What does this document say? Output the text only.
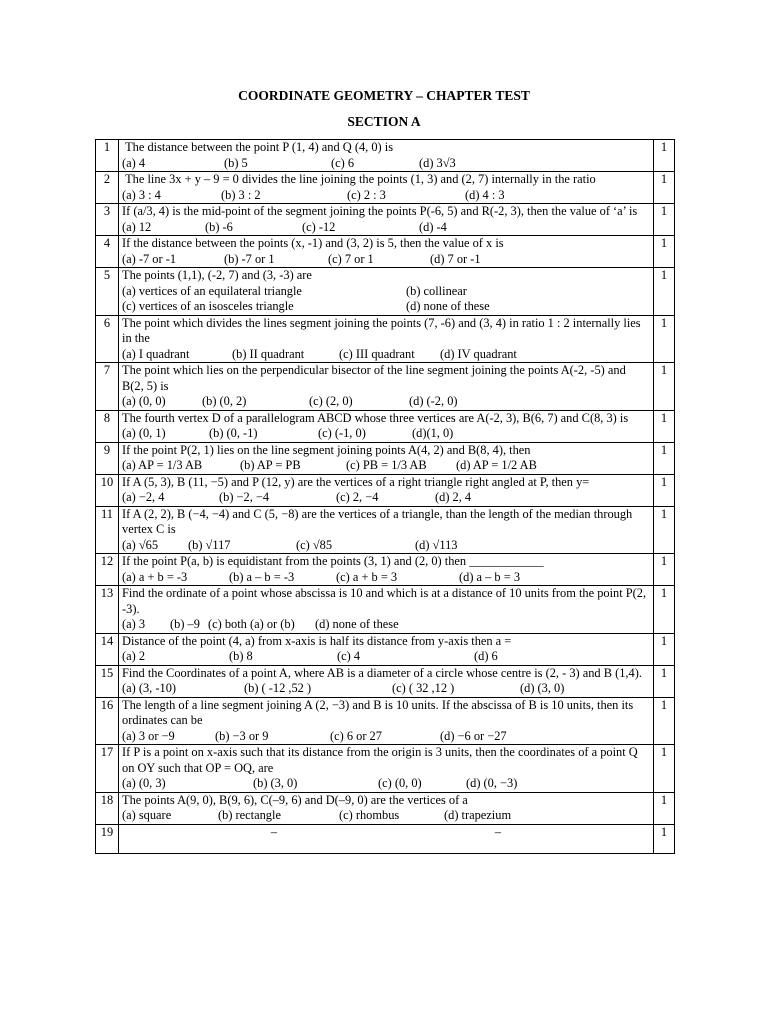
COORDINATE GEOMETRY – CHAPTER TEST
SECTION A
1	The distance between the point P (1, 4) and Q (4, 0) is
(a) 4 (b) 5 (c) 6 (d) 3√3	1
2	The line 3x + y – 9 = 0 divides the line joining the points (1, 3) and (2, 7) internally in the ratio
(a) 3 : 4 (b) 3 : 2 (c) 2 : 3 (d) 4 : 3	1
3	If (a/3, 4) is the mid-point of the segment joining the points P(-6, 5) and R(-2, 3), then the value of ‘a’ is
(a) 12 (b) -6 (c) -12 (d) -4	1
4	If the distance between the points (x, -1) and (3, 2) is 5, then the value of x is
(a) -7 or -1 (b) -7 or 1 (c) 7 or 1 (d) 7 or -1	1
5	The points (1,1), (-2, 7) and (3, -3) are
(a) vertices of an equilateral triangle (b) collinear
(c) vertices of an isosceles triangle (d) none of these	1
6	The point which divides the lines segment joining the points (7, -6) and (3, 4) in ratio 1 : 2 internally lies in the
(a) I quadrant (b) II quadrant (c) III quadrant (d) IV quadrant	1
7	The point which lies on the perpendicular bisector of the line segment joining the points A(-2, -5) and B(2, 5) is
(a) (0, 0) (b) (0, 2) (c) (2, 0) (d) (-2, 0)	1
8	The fourth vertex D of a parallelogram ABCD whose three vertices are A(-2, 3), B(6, 7) and C(8, 3) is
(a) (0, 1) (b) (0, -1) (c) (-1, 0) (d)(1, 0)	1
9	If the point P(2, 1) lies on the line segment joining points A(4, 2) and B(8, 4), then
(a) AP = 1/3 AB (b) AP = PB (c) PB = 1/3 AB (d) AP = 1/2 AB	1
10	If A (5, 3), B (11, −5) and P (12, y) are the vertices of a right triangle right angled at P, then y=
(a) −2, 4 (b) −2, −4 (c) 2, −4 (d) 2, 4	1
11	If A (2, 2), B (−4, −4) and C (5, −8) are the vertices of a triangle, than the length of the median through vertex C is
(a) √65 (b) √117 (c) √85 (d) √113	1
12	If the point P(a, b) is equidistant from the points (3, 1) and (2, 0) then ____________
(a) a + b = -3 (b) a – b = -3 (c) a + b = 3 (d) a – b = 3	1
13	Find the ordinate of a point whose abscissa is 10 and which is at a distance of 10 units from the point P(2, -3).
(a) 3 (b) –9 (c) both (a) or (b) (d) none of these	1
14	Distance of the point (4, a) from x-axis is half its distance from y-axis then a =
(a) 2 (b) 8 (c) 4 (d) 6	1
15	Find the Coordinates of a point A, where AB is a diameter of a circle whose centre is (2, - 3) and B (1,4).
(a) (3, -10) (b) ( -12 ,52 ) (c) ( 32 ,12 ) (d) (3, 0)	1
16	The length of a line segment joining A (2, −3) and B is 10 units. If the abscissa of B is 10 units, then its ordinates can be
(a) 3 or −9 (b) −3 or 9 (c) 6 or 27 (d) −6 or −27	1
17	If P is a point on x-axis such that its distance from the origin is 3 units, then the coordinates of a point Q on OY such that OP = OQ, are
(a) (0, 3) (b) (3, 0) (c) (0, 0) (d) (0, −3)	1
18	The points A(9, 0), B(9, 6), C(–9, 6) and D(–9, 0) are the vertices of a
(a) square (b) rectangle (c) rhombus (d) trapezium	1
19	– –	1
